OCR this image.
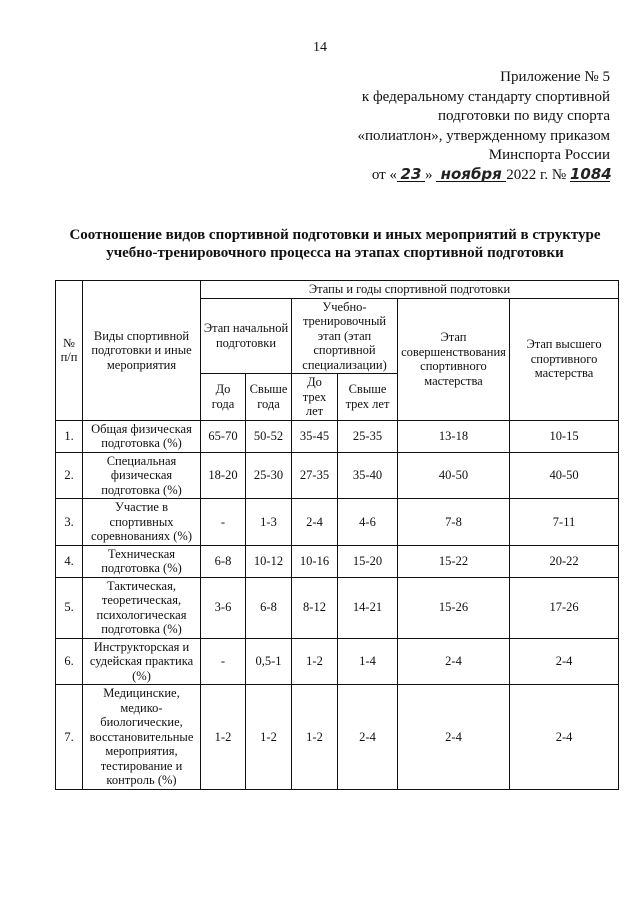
14
Приложение № 5
к федеральному стандарту спортивной
подготовки по виду спорта
«полиатлон», утвержденному приказом
Минспорта России
от « 23 » ноября 2022 г. № 1084
Соотношение видов спортивной подготовки и иных мероприятий в структуре
учебно-тренировочного процесса на этапах спортивной подготовки
№ п/п	Виды спортивной подготовки и иные мероприятия	Этапы и годы спортивной подготовки					
		Этап начальной подготовки		Учебно-тренировочный этап (этап спортивной специализации)		Этап совершенствования спортивного мастерства	Этап высшего спортивного мастерства
		До года	Свыше года	До трех лет	Свыше трех лет		
1.	Общая физическая подготовка (%)	65-70	50-52	35-45	25-35	13-18	10-15
2.	Специальная физическая подготовка (%)	18-20	25-30	27-35	35-40	40-50	40-50
3.	Участие в спортивных соревнованиях (%)	-	1-3	2-4	4-6	7-8	7-11
4.	Техническая подготовка (%)	6-8	10-12	10-16	15-20	15-22	20-22
5.	Тактическая, теоретическая, психологическая подготовка (%)	3-6	6-8	8-12	14-21	15-26	17-26
6.	Инструкторская и судейская практика (%)	-	0,5-1	1-2	1-4	2-4	2-4
7.	Медицинские, медико-биологические, восстановительные мероприятия, тестирование и контроль (%)	1-2	1-2	1-2	2-4	2-4	2-4
